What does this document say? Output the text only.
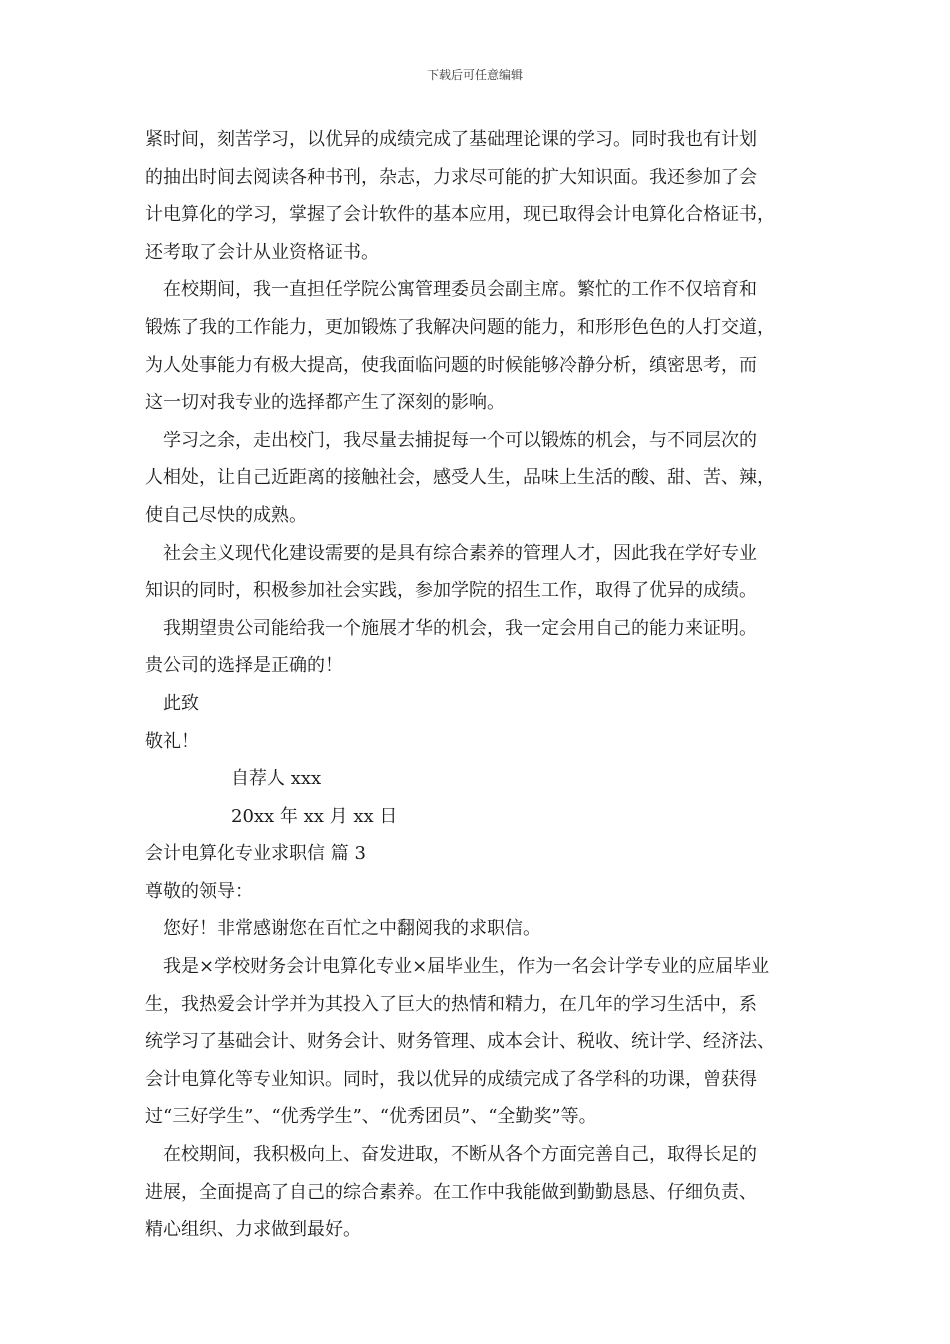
下载后可任意编辑

紧时间，刻苦学习，以优异的成绩完成了基础理论课的学习。同时我也有计划

的抽出时间去阅读各种书刊，杂志，力求尽可能的扩大知识面。我还参加了会

计电算化的学习，掌握了会计软件的基本应用，现已取得会计电算化合格证书，

还考取了会计从业资格证书。

在校期间，我一直担任学院公寓管理委员会副主席。繁忙的工作不仅培育和

锻炼了我的工作能力，更加锻炼了我解决问题的能力，和形形色色的人打交道，

为人处事能力有极大提高，使我面临问题的时候能够冷静分析，缜密思考，而

这一切对我专业的选择都产生了深刻的影响。

学习之余，走出校门，我尽量去捕捉每一个可以锻炼的机会，与不同层次的

人相处，让自己近距离的接触社会，感受人生，品味上生活的酸、甜、苦、辣，

使自己尽快的成熟。

社会主义现代化建设需要的是具有综合素养的管理人才，因此我在学好专业

知识的同时，积极参加社会实践，参加学院的招生工作，取得了优异的成绩。

我期望贵公司能给我一个施展才华的机会，我一定会用自己的能力来证明。

贵公司的选择是正确的！

此致

敬礼！

自荐人 xxx

20xx 年 xx 月 xx 日

会计电算化专业求职信 篇 3

尊敬的领导：

您好！非常感谢您在百忙之中翻阅我的求职信。

我是×学校财务会计电算化专业×届毕业生，作为一名会计学专业的应届毕业

生，我热爱会计学并为其投入了巨大的热情和精力，在几年的学习生活中，系

统学习了基础会计、财务会计、财务管理、成本会计、税收、统计学、经济法、

会计电算化等专业知识。同时，我以优异的成绩完成了各学科的功课，曾获得

过“三好学生”、“优秀学生”、“优秀团员”、“全勤奖”等。

在校期间，我积极向上、奋发进取，不断从各个方面完善自己，取得长足的

进展，全面提高了自己的综合素养。在工作中我能做到勤勤恳恳、仔细负责、

精心组织、力求做到最好。
